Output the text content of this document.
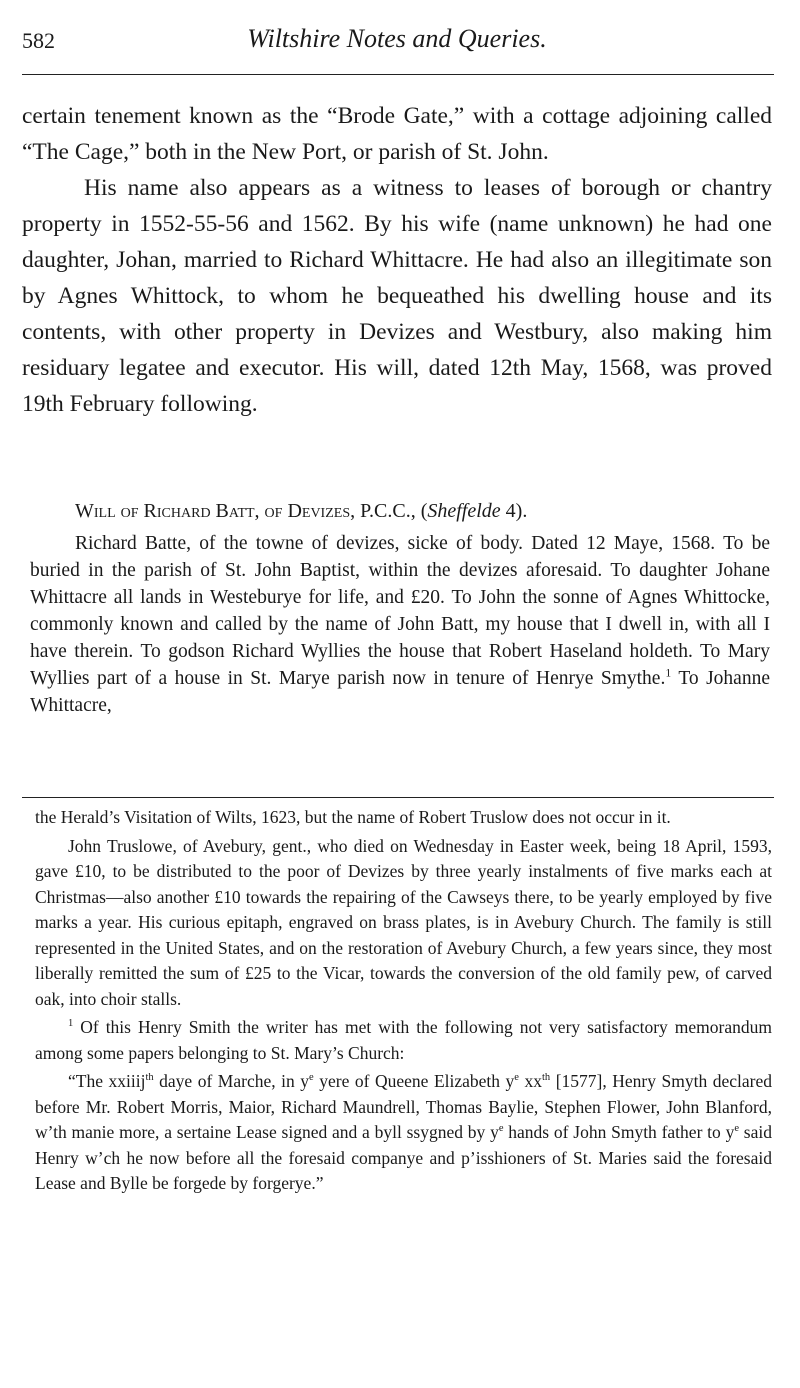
582	Wiltshire Notes and Queries.

certain tenement known as the “Brode Gate,” with a cottage adjoining called “The Cage,” both in the New Port, or parish of St. John.

His name also appears as a witness to leases of borough or chantry property in 1552-55-56 and 1562. By his wife (name unknown) he had one daughter, Johan, married to Richard Whittacre. He had also an illegitimate son by Agnes Whittock, to whom he bequeathed his dwelling house and its contents, with other property in Devizes and Westbury, also making him residuary legatee and executor. His will, dated 12th May, 1568, was proved 19th February following.

Will of Richard Batt, of Devizes, P.C.C., (Sheffelde 4).
Richard Batte, of the towne of devizes, sicke of body. Dated 12 Maye, 1568. To be buried in the parish of St. John Baptist, within the devizes aforesaid. To daughter Johane Whittacre all lands in Westeburye for life, and £20. To John the sonne of Agnes Whittocke, commonly known and called by the name of John Batt, my house that I dwell in, with all I have therein. To godson Richard Wyllies the house that Robert Haseland holdeth. To Mary Wyllies part of a house in St. Marye parish now in tenure of Henrye Smythe.$^1$ To Johanne Whittacre,

the Herald’s Visitation of Wilts, 1623, but the name of Robert Truslow does not occur in it.

John Truslowe, of Avebury, gent., who died on Wednesday in Easter week, being 18 April, 1593, gave £10, to be distributed to the poor of Devizes by three yearly instalments of five marks each at Christmas—also another £10 towards the repairing of the Cawseys there, to be yearly employed by five marks a year. His curious epitaph, engraved on brass plates, is in Avebury Church. The family is still represented in the United States, and on the restoration of Avebury Church, a few years since, they most liberally remitted the sum of £25 to the Vicar, towards the conversion of the old family pew, of carved oak, into choir stalls.

$^1$ Of this Henry Smith the writer has met with the following not very satisfactory memorandum among some papers belonging to St. Mary’s Church:

“The xxiiij$^{th}$ daye of Marche, in $y^e$ yere of Queene Elizabeth $y^e$ $xx^{th}$ [1577], Henry Smyth declared before Mr. Robert Morris, Maior, Richard Maundrell, Thomas Baylie, Stephen Flower, John Blanford, w’th manie more, a sertaine Lease signed and a byll ssygned by $y^e$ hands of John Smyth father to $y^e$ said Henry w’ch he now before all the foresaid companye and p’isshioners of St. Maries said the foresaid Lease and Bylle be forgede by forgerye.”
